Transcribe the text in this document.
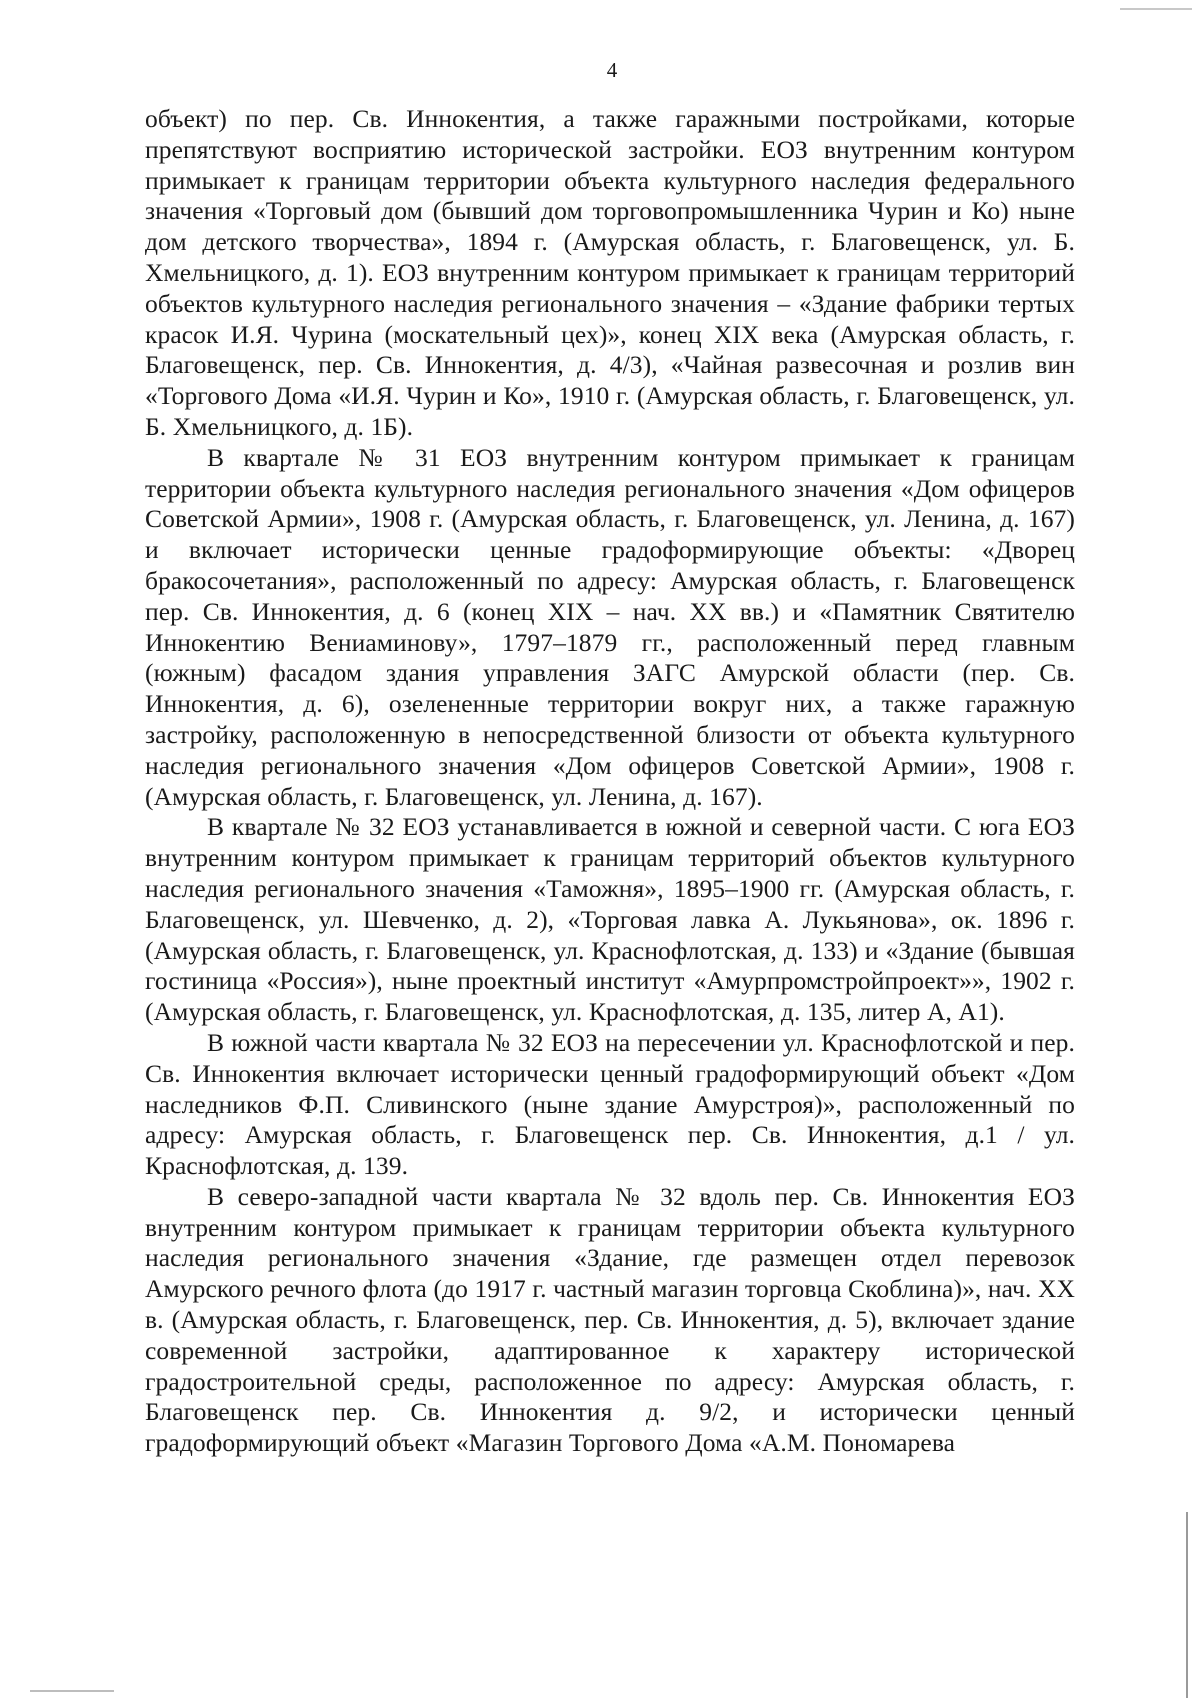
4

объект) по пер. Св. Иннокентия, а также гаражными постройками, которые препятствуют восприятию исторической застройки. ЕОЗ внутренним контуром примыкает к границам территории объекта культурного наследия федерального значения «Торговый дом (бывший дом торговопромышленника Чурин и Ко) ныне дом детского творчества», 1894 г. (Амурская область, г. Благовещенск, ул. Б. Хмельницкого, д. 1). ЕОЗ внутренним контуром примыкает к границам территорий объектов культурного наследия регионального значения – «Здание фабрики тертых красок И.Я. Чурина (москательный цех)», конец XIX века (Амурская область, г. Благовещенск, пер. Св. Иннокентия, д. 4/3), «Чайная развесочная и розлив вин «Торгового Дома «И.Я. Чурин и Ко», 1910 г. (Амурская область, г. Благовещенск, ул. Б. Хмельницкого, д. 1Б).

В квартале № 31 ЕОЗ внутренним контуром примыкает к границам территории объекта культурного наследия регионального значения «Дом офицеров Советской Армии», 1908 г. (Амурская область, г. Благовещенск, ул. Ленина, д. 167) и включает исторически ценные градоформирующие объекты: «Дворец бракосочетания», расположенный по адресу: Амурская область, г. Благовещенск пер. Св. Иннокентия, д. 6 (конец XIX – нач. XX вв.) и «Памятник Святителю Иннокентию Вениаминову», 1797–1879 гг., расположенный перед главным (южным) фасадом здания управления ЗАГС Амурской области (пер. Св. Иннокентия, д. 6), озелененные территории вокруг них, а также гаражную застройку, расположенную в непосредственной близости от объекта культурного наследия регионального значения «Дом офицеров Советской Армии», 1908 г. (Амурская область, г. Благовещенск, ул. Ленина, д. 167).

В квартале № 32 ЕОЗ устанавливается в южной и северной части. С юга ЕОЗ внутренним контуром примыкает к границам территорий объектов культурного наследия регионального значения «Таможня», 1895–1900 гг. (Амурская область, г. Благовещенск, ул. Шевченко, д. 2), «Торговая лавка А. Лукьянова», ок. 1896 г. (Амурская область, г. Благовещенск, ул. Краснофлотская, д. 133) и «Здание (бывшая гостиница «Россия»), ныне проектный институт «Амурпромстройпроект»», 1902 г. (Амурская область, г. Благовещенск, ул. Краснофлотская, д. 135, литер А, А1).

В южной части квартала № 32 ЕОЗ на пересечении ул. Краснофлотской и пер. Св. Иннокентия включает исторически ценный градоформирующий объект «Дом наследников Ф.П. Сливинского (ныне здание Амурстроя)», расположенный по адресу: Амурская область, г. Благовещенск пер. Св. Иннокентия, д.1 / ул. Краснофлотская, д. 139.

В северо-западной части квартала № 32 вдоль пер. Св. Иннокентия ЕОЗ внутренним контуром примыкает к границам территории объекта культурного наследия регионального значения «Здание, где размещен отдел перевозок Амурского речного флота (до 1917 г. частный магазин торговца Скоблина)», нач. XX в. (Амурская область, г. Благовещенск, пер. Св. Иннокентия, д. 5), включает здание современной застройки, адаптированное к характеру исторической градостроительной среды, расположенное по адресу: Амурская область, г. Благовещенск пер. Св. Иннокентия д. 9/2, и исторически ценный градоформирующий объект «Магазин Торгового Дома «А.М. Пономарева
